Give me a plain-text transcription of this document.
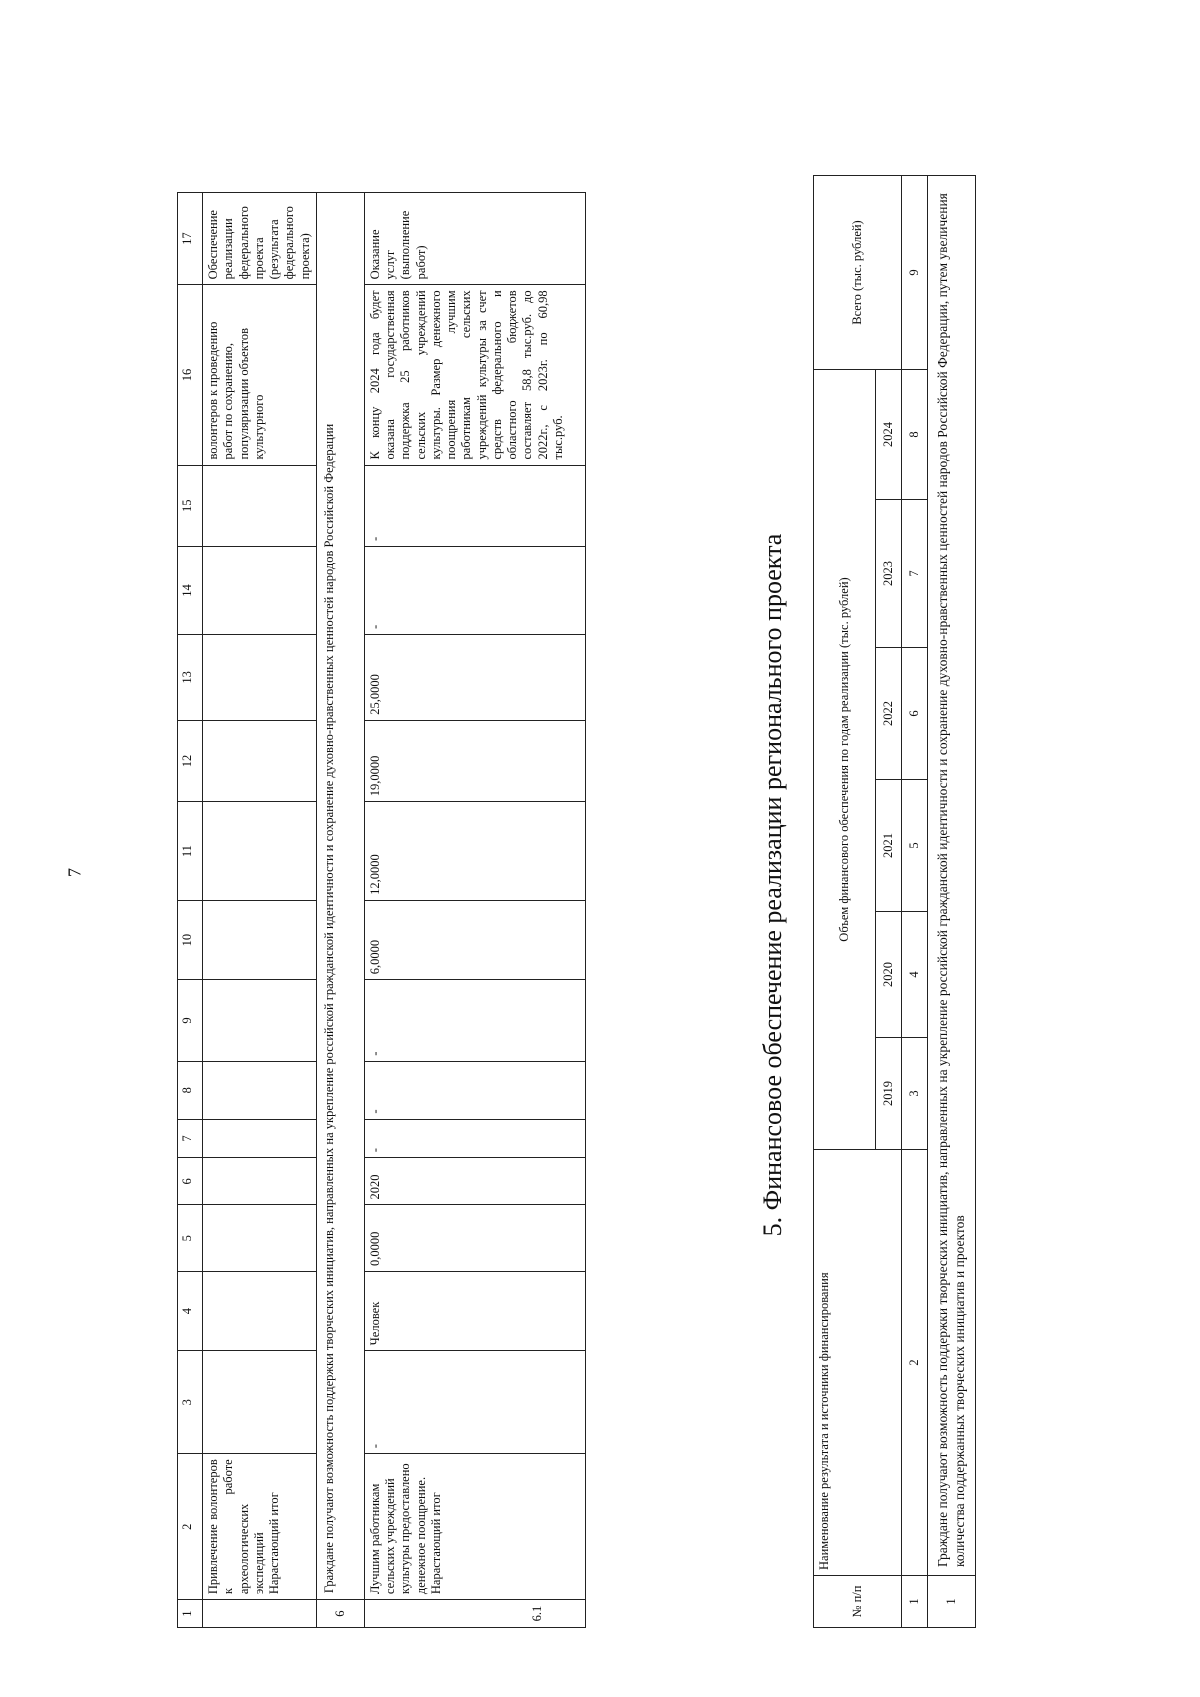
7
1	2	3	4	5	6	7	8	9	10	11	12	13	14	15	16	17
	Привлечение волонтеров к работе археологических экспедиций Нарастающий итог														волонтеров к проведению работ по сохранению, популяризации объектов культурного	Обеспечение реализации федерального проекта (результата федерального проекта)
6	Граждане получают возможность поддержки творческих инициатив, направленных на укрепление российской гражданской идентичности и сохранение духовно-нравственных ценностей народов Российской Федерации															
6.1	Лучшим работникам сельских учреждений культуры предоставлено денежное поощрение. Нарастающий итог	-	Человек	0,0000	2020	-	-	-	6,0000	12,0000	19,0000	25,0000	-	-	К концу 2024 года будет оказана государственная поддержка 25 работников сельских учреждений культуры. Размер денежного поощрения лучшим работникам сельских учреждений культуры за счет средств федерального и областного бюджетов составляет 58,8 тыс.руб. до 2022г., с 2023г. по 60,98 тыс.руб.	Оказание услуг (выполнение работ)
5. Финансовое обеспечение реализации регионального проекта
№ п/п	Наименование результата и источники финансирования	Объем финансового обеспечения по годам реализации (тыс. рублей)						Всего (тыс. рублей)
		2019	2020	2021	2022	2023	2024	
1	2	3	4	5	6	7	8	9
1	Граждане получают возможность поддержки творческих инициатив, направленных на укрепление российской гражданской идентичности и сохранение духовно-нравственных ценностей народов Российской Федерации, путем увеличения количества поддержанных творческих инициатив и проектов							
